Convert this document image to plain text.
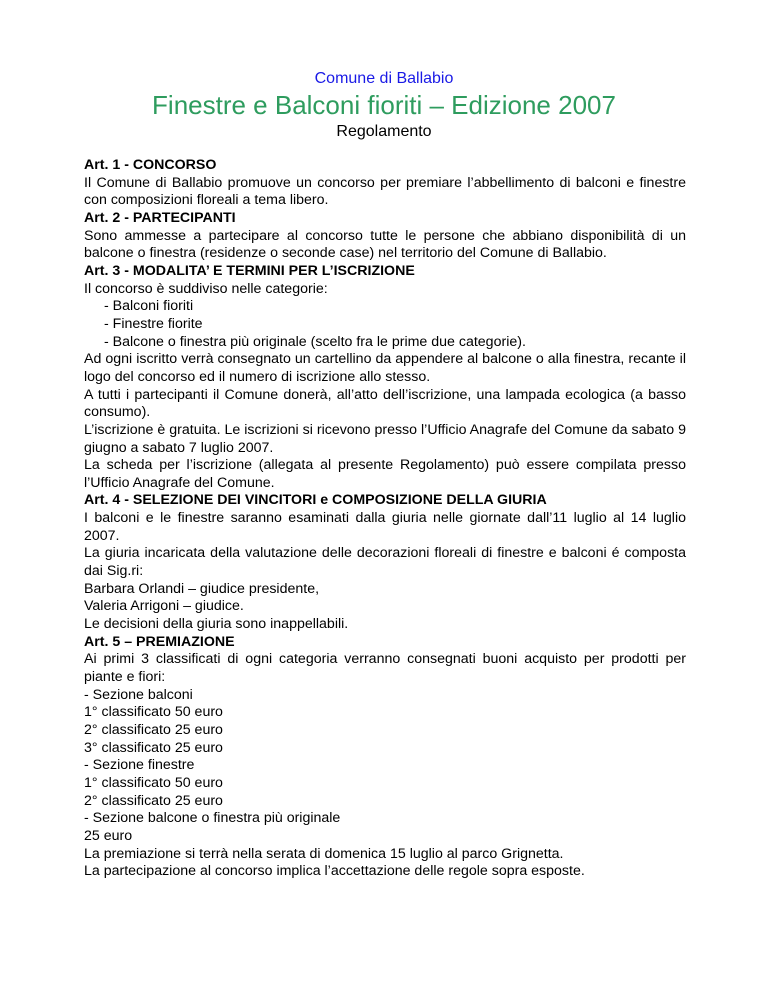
Comune di Ballabio
Finestre e Balconi fioriti – Edizione 2007
Regolamento

Art. 1 - CONCORSO

Il Comune di Ballabio promuove un concorso per premiare l’abbellimento di balconi e finestre con composizioni floreali a tema libero.

Art. 2 - PARTECIPANTI

Sono ammesse a partecipare al concorso tutte le persone che abbiano disponibilità di un balcone o finestra (residenze o seconde case) nel territorio del Comune di Ballabio.

Art. 3 - MODALITA’ E TERMINI PER L’ISCRIZIONE

Il concorso è suddiviso nelle categorie:

- Balconi fioriti

- Finestre fiorite

- Balcone o finestra più originale (scelto fra le prime due categorie).

Ad ogni iscritto verrà consegnato un cartellino da appendere al balcone o alla finestra, recante il logo del concorso ed il numero di iscrizione allo stesso.

A tutti i partecipanti il Comune donerà, all’atto dell’iscrizione, una lampada ecologica (a basso consumo).

L’iscrizione è gratuita. Le iscrizioni si ricevono presso l’Ufficio Anagrafe del Comune da sabato 9 giugno a sabato 7 luglio 2007.

La scheda per l’iscrizione (allegata al presente Regolamento) può essere compilata presso l’Ufficio Anagrafe del Comune.

Art. 4 - SELEZIONE DEI VINCITORI e COMPOSIZIONE DELLA GIURIA

I balconi e le finestre saranno esaminati dalla giuria nelle giornate dall’11 luglio al 14 luglio 2007.

La giuria incaricata della valutazione delle decorazioni floreali di finestre e balconi é composta dai Sig.ri:

Barbara Orlandi – giudice presidente,

Valeria Arrigoni – giudice.

Le decisioni della giuria sono inappellabili.

Art. 5 – PREMIAZIONE

Ai primi 3 classificati di ogni categoria verranno consegnati buoni acquisto per prodotti per piante e fiori:

- Sezione balconi

1° classificato 50 euro

2° classificato 25 euro

3° classificato 25 euro

- Sezione finestre

1° classificato 50 euro

2° classificato 25 euro

- Sezione balcone o finestra più originale

25 euro

La premiazione si terrà nella serata di domenica 15 luglio al parco Grignetta.

La partecipazione al concorso implica l’accettazione delle regole sopra esposte.
